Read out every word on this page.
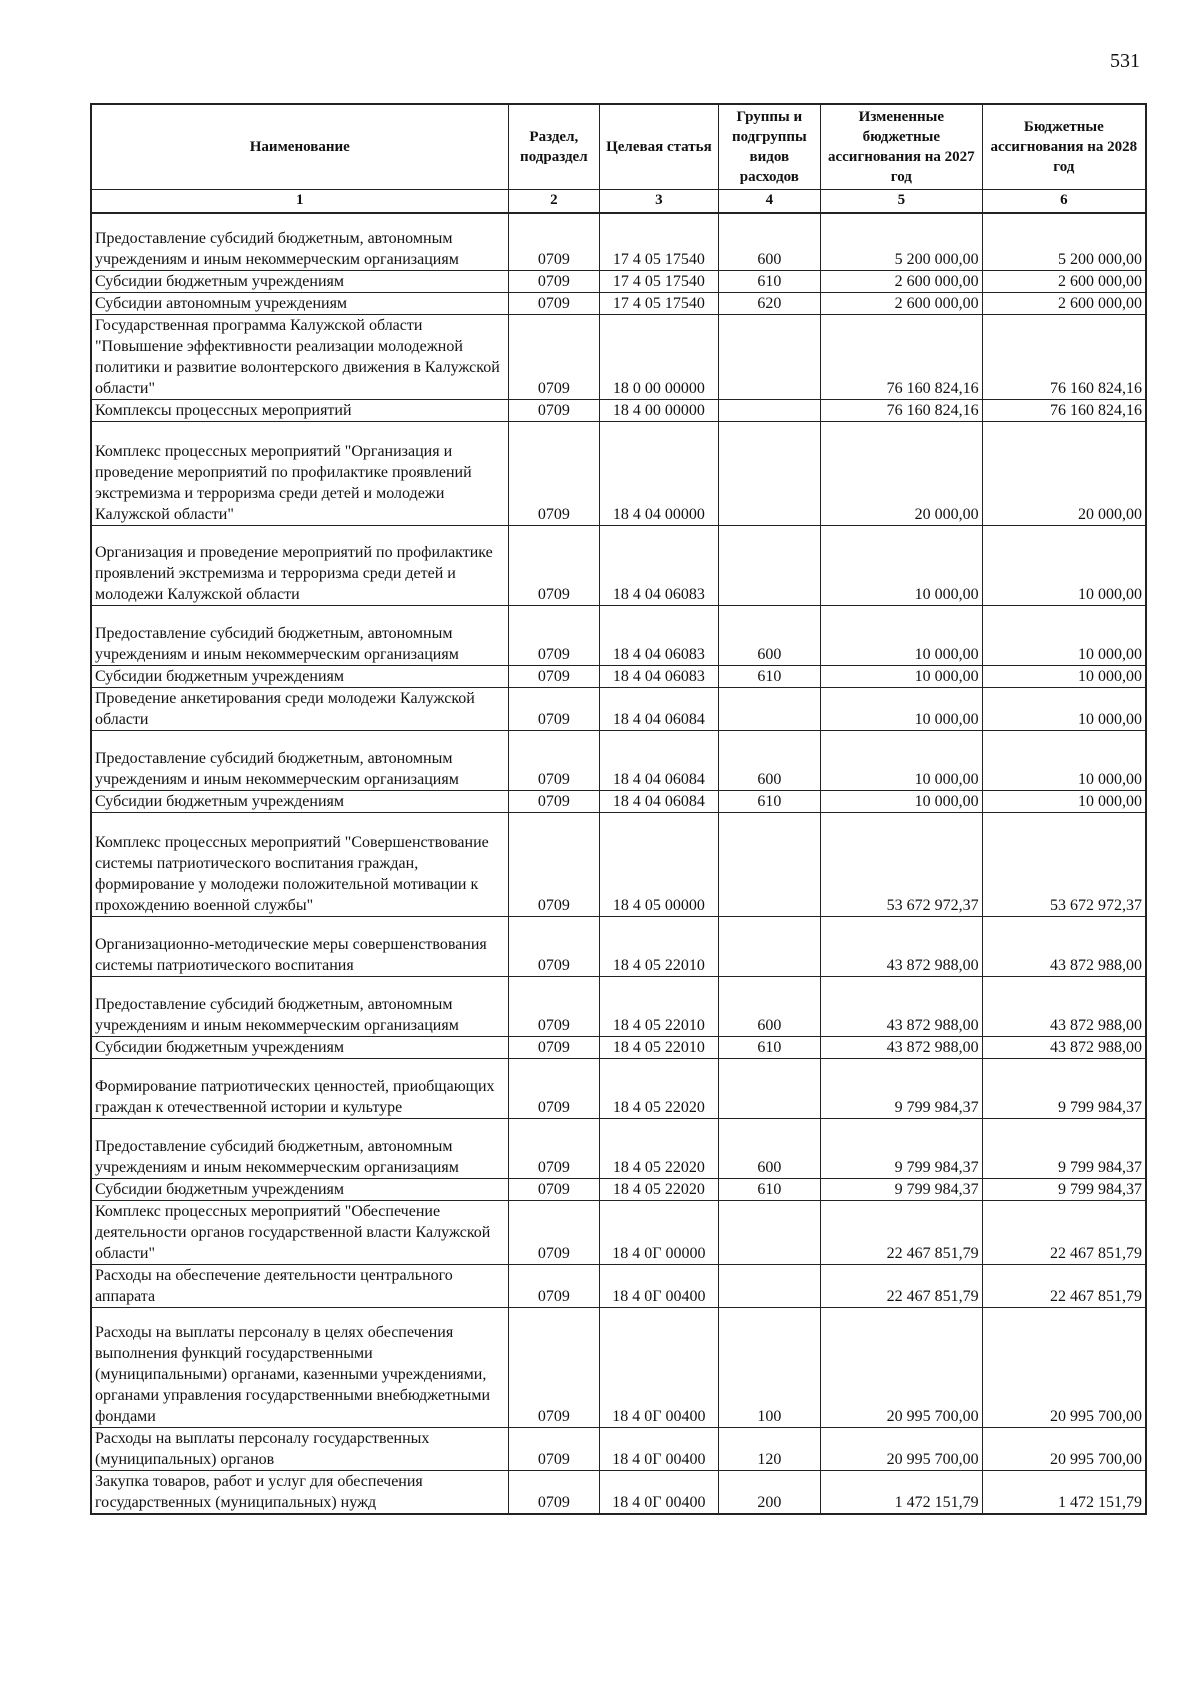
531
Наименование	Раздел, подраздел	Целевая статья	Группы и подгруппы видов расходов	Измененные бюджетные ассигнования на 2027 год	Бюджетные ассигнования на 2028 год
1	2	3	4	5	6
Предоставление субсидий бюджетным, автономным учреждениям и иным некоммерческим организациям	0709	17 4 05 17540	600	5 200 000,00	5 200 000,00
Субсидии бюджетным учреждениям	0709	17 4 05 17540	610	2 600 000,00	2 600 000,00
Субсидии автономным учреждениям	0709	17 4 05 17540	620	2 600 000,00	2 600 000,00
Государственная программа Калужской области "Повышение эффективности реализации молодежной политики и развитие волонтерского движения в Калужской области"	0709	18 0 00 00000		76 160 824,16	76 160 824,16
Комплексы процессных мероприятий	0709	18 4 00 00000		76 160 824,16	76 160 824,16
Комплекс процессных мероприятий "Организация и проведение мероприятий по профилактике проявлений экстремизма и терроризма среди детей и молодежи Калужской области"	0709	18 4 04 00000		20 000,00	20 000,00
Организация и проведение мероприятий по профилактике проявлений экстремизма и терроризма среди детей и молодежи Калужской области	0709	18 4 04 06083		10 000,00	10 000,00
Предоставление субсидий бюджетным, автономным учреждениям и иным некоммерческим организациям	0709	18 4 04 06083	600	10 000,00	10 000,00
Субсидии бюджетным учреждениям	0709	18 4 04 06083	610	10 000,00	10 000,00
Проведение анкетирования среди молодежи Калужской области	0709	18 4 04 06084		10 000,00	10 000,00
Предоставление субсидий бюджетным, автономным учреждениям и иным некоммерческим организациям	0709	18 4 04 06084	600	10 000,00	10 000,00
Субсидии бюджетным учреждениям	0709	18 4 04 06084	610	10 000,00	10 000,00
Комплекс процессных мероприятий "Совершенствование системы патриотического воспитания граждан, формирование у молодежи положительной мотивации к прохождению военной службы"	0709	18 4 05 00000		53 672 972,37	53 672 972,37
Организационно-методические меры совершенствования системы патриотического воспитания	0709	18 4 05 22010		43 872 988,00	43 872 988,00
Предоставление субсидий бюджетным, автономным учреждениям и иным некоммерческим организациям	0709	18 4 05 22010	600	43 872 988,00	43 872 988,00
Субсидии бюджетным учреждениям	0709	18 4 05 22010	610	43 872 988,00	43 872 988,00
Формирование патриотических ценностей, приобщающих граждан к отечественной истории и культуре	0709	18 4 05 22020		9 799 984,37	9 799 984,37
Предоставление субсидий бюджетным, автономным учреждениям и иным некоммерческим организациям	0709	18 4 05 22020	600	9 799 984,37	9 799 984,37
Субсидии бюджетным учреждениям	0709	18 4 05 22020	610	9 799 984,37	9 799 984,37
Комплекс процессных мероприятий "Обеспечение деятельности органов государственной власти Калужской области"	0709	18 4 0Г 00000		22 467 851,79	22 467 851,79
Расходы на обеспечение деятельности центрального аппарата	0709	18 4 0Г 00400		22 467 851,79	22 467 851,79
Расходы на выплаты персоналу в целях обеспечения выполнения функций государственными (муниципальными) органами, казенными учреждениями, органами управления государственными внебюджетными фондами	0709	18 4 0Г 00400	100	20 995 700,00	20 995 700,00
Расходы на выплаты персоналу государственных (муниципальных) органов	0709	18 4 0Г 00400	120	20 995 700,00	20 995 700,00
Закупка товаров, работ и услуг для обеспечения государственных (муниципальных) нужд	0709	18 4 0Г 00400	200	1 472 151,79	1 472 151,79
